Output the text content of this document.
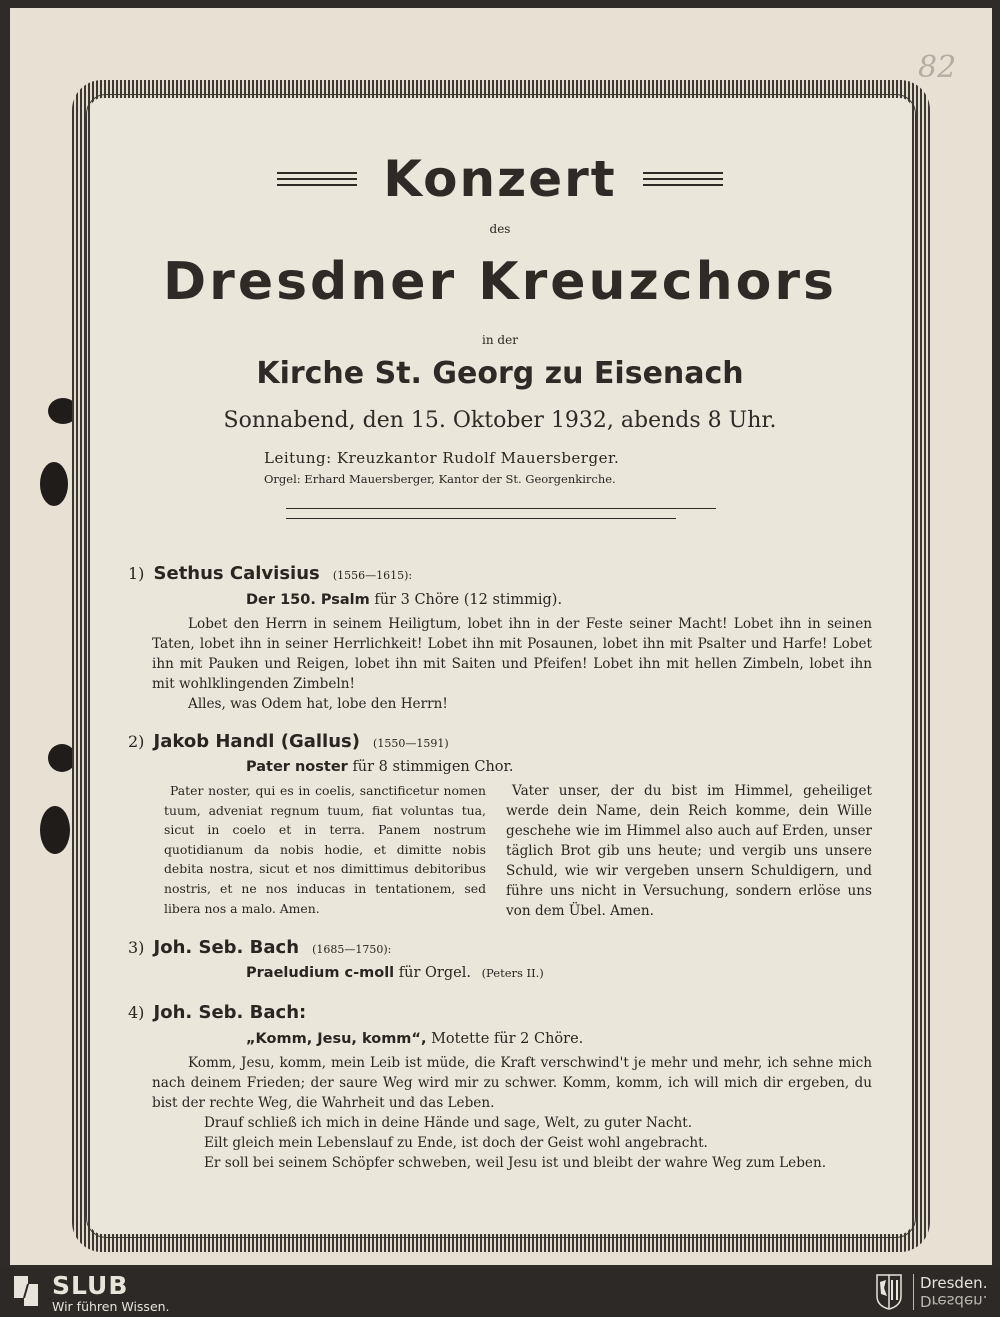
82
Konzert
des
Dresdner Kreuzchors
in der
Kirche St. Georg zu Eisenach
Sonnabend, den 15. Oktober 1932, abends 8 Uhr.
Leitung: Kreuzkantor Rudolf Mauersberger.
Orgel: Erhard Mauersberger, Kantor der St. Georgenkirche.
1) Sethus Calvisius (1556—1615):
Der 150. Psalm für 3 Chöre (12 stimmig).

Lobet den Herrn in seinem Heiligtum, lobet ihn in der Feste seiner Macht! Lobet ihn in seinen Taten, lobet ihn in seiner Herrlichkeit! Lobet ihn mit Posaunen, lobet ihn mit Psalter und Harfe! Lobet ihn mit Pauken und Reigen, lobet ihn mit Saiten und Pfeifen! Lobet ihn mit hellen Zimbeln, lobet ihn mit wohlklingenden Zimbeln!

Alles, was Odem hat, lobe den Herrn!

2) Jakob Handl (Gallus) (1550—1591)
Pater noster für 8 stimmigen Chor.
Pater noster, qui es in coelis, sanctificetur nomen tuum, adveniat regnum tuum, fiat voluntas tua, sicut in coelo et in terra. Panem nostrum quotidianum da nobis hodie, et dimitte nobis debita nostra, sicut et nos dimittimus debitoribus nostris, et ne nos inducas in tentationem, sed libera nos a malo. Amen.
Vater unser, der du bist im Himmel, geheiliget werde dein Name, dein Reich komme, dein Wille geschehe wie im Himmel also auch auf Erden, unser täglich Brot gib uns heute; und vergib uns unsere Schuld, wie wir vergeben unsern Schuldigern, und führe uns nicht in Versuchung, sondern erlöse uns von dem Übel. Amen.
3) Joh. Seb. Bach (1685—1750):
Praeludium c-moll für Orgel. (Peters II.)
4) Joh. Seb. Bach:
„Komm, Jesu, komm“, Motette für 2 Chöre.

Komm, Jesu, komm, mein Leib ist müde, die Kraft verschwind't je mehr und mehr, ich sehne mich nach deinem Frieden; der saure Weg wird mir zu schwer. Komm, komm, ich will mich dir ergeben, du bist der rechte Weg, die Wahrheit und das Leben.

Drauf schließ ich mich in deine Hände und sage, Welt, zu guter Nacht.

Eilt gleich mein Lebenslauf zu Ende, ist doch der Geist wohl angebracht.

Er soll bei seinem Schöpfer schweben, weil Jesu ist und bleibt der wahre Weg zum Leben.

SLUB
Wir führen Wissen.
Dresden.
Dresden.
